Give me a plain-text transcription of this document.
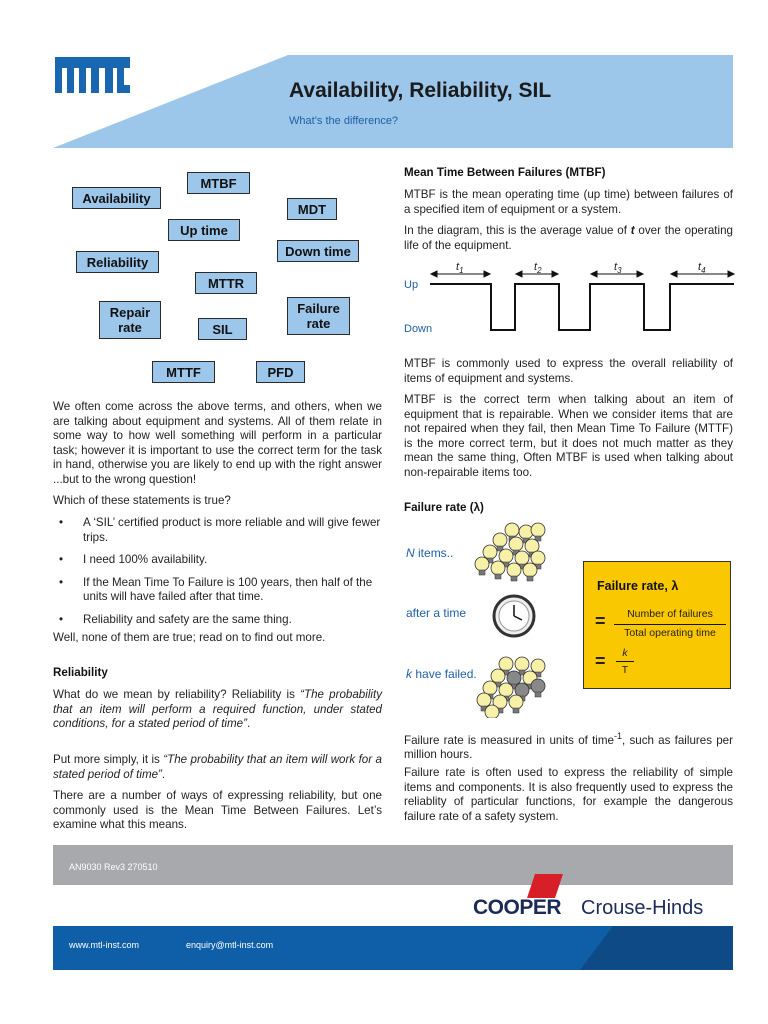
Availability, Reliability, SIL
What’s the difference?
MTBF
Availability
MDT
Up time
Down time
Reliability
MTTR
Repair rate
Failure rate
SIL
MTTF	PFD
We often come across the above terms, and others, when we are talking about equipment and systems. All of them relate in some way to how well something will perform in a particular task; however it is important to use the correct term for the task in hand, otherwise you are likely to end up with the right answer ...but to the wrong question!
Which of these statements is true?
• A ‘SIL’ certified product is more reliable and will give fewer trips.
• I need 100% availability.
• If the Mean Time To Failure is 100 years, then half of the units will have failed after that time.
• Reliability and safety are the same thing.
Well, none of them are true; read on to find out more.
Reliability
What do we mean by reliability? Reliability is “The probability that an item will perform a required function, under stated conditions, for a stated period of time”.
Put more simply, it is “The probability that an item will work for a stated period of time”.
There are a number of ways of expressing reliability, but one commonly used is the Mean Time Between Failures. Let’s examine what this means.
Mean Time Between Failures (MTBF)
MTBF is the mean operating time (up time) between failures of a specified item of equipment or a system.
In the diagram, this is the average value of t over the operating life of the equipment.
Up
Down
$t_1$	$t_2$	$t_3$	$t_4$
MTBF is commonly used to express the overall reliability of items of equipment and systems.
MTBF is the correct term when talking about an item of equipment that is repairable. When we consider items that are not repaired when they fail, then Mean Time To Failure (MTTF) is the more correct term, but it does not much matter as they mean the same thing, Often MTBF is used when talking about non-repairable items too.
Failure rate (λ)
N items..
after a time
k have failed.
Failure rate, λ
=	Number of failures
Total operating time
=	k
T
Failure rate is measured in units of time$^{-1}$, such as failures per million hours.
Failure rate is often used to express the reliability of simple items and components. It is also frequently used to express the reliablity of particular functions, for example the dangerous failure rate of a safety system.
AN9030 Rev3 270510
COOPER Crouse-Hinds
www.mtl-inst.com	enquiry@mtl-inst.com
